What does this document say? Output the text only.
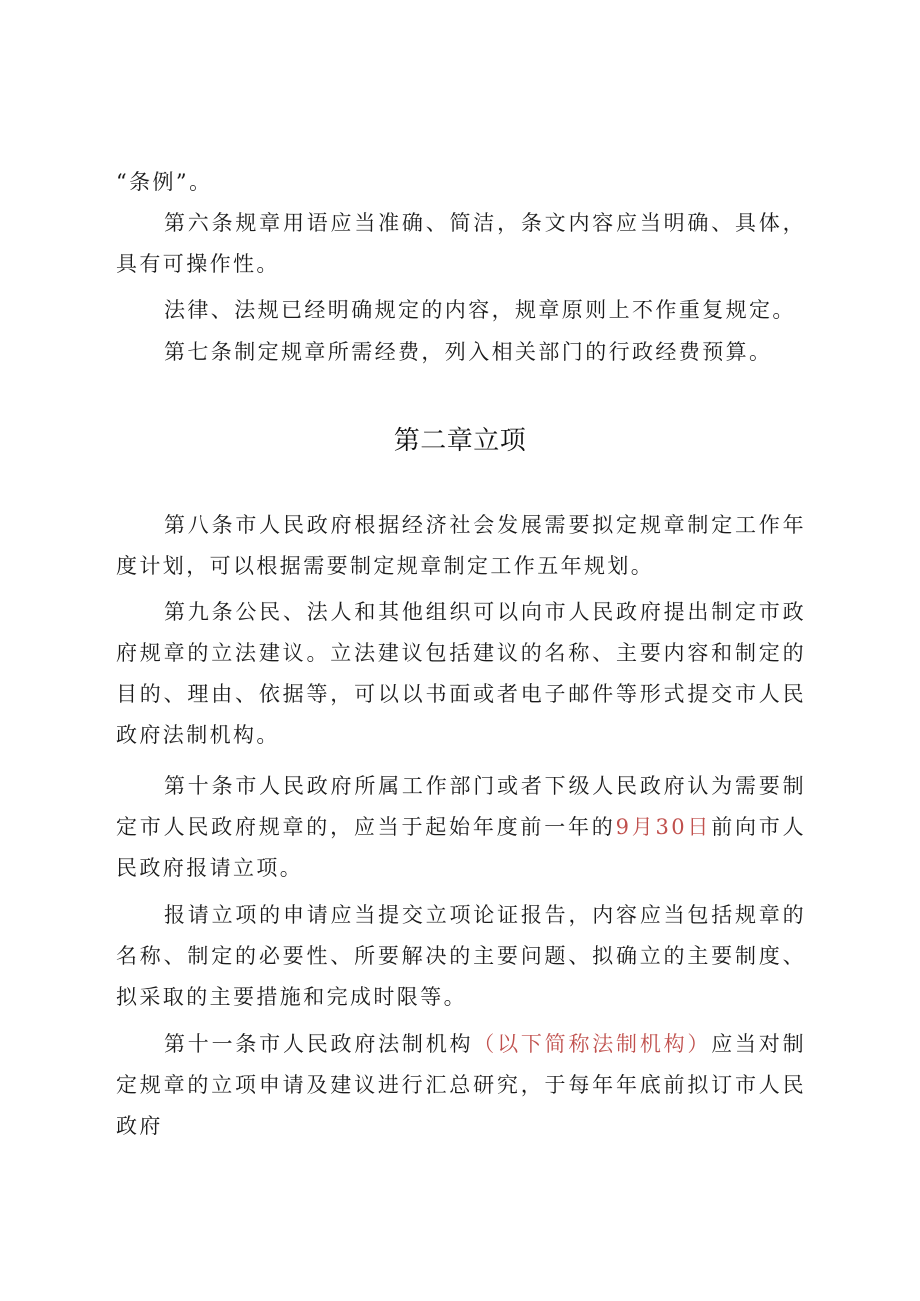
“条例”。

第六条规章用语应当准确、简洁，条文内容应当明确、具体，具有可操作性。

法律、法规已经明确规定的内容，规章原则上不作重复规定。

第七条制定规章所需经费，列入相关部门的行政经费预算。

第二章立项

第八条市人民政府根据经济社会发展需要拟定规章制定工作年度计划，可以根据需要制定规章制定工作五年规划。

第九条公民、法人和其他组织可以向市人民政府提出制定市政府规章的立法建议。立法建议包括建议的名称、主要内容和制定的目的、理由、依据等，可以以书面或者电子邮件等形式提交市人民政府法制机构。

第十条市人民政府所属工作部门或者下级人民政府认为需要制定市人民政府规章的，应当于起始年度前一年的9月30日前向市人民政府报请立项。

报请立项的申请应当提交立项论证报告，内容应当包括规章的名称、制定的必要性、所要解决的主要问题、拟确立的主要制度、拟采取的主要措施和完成时限等。

第十一条市人民政府法制机构（以下简称法制机构）应当对制定规章的立项申请及建议进行汇总研究，于每年年底前拟订市人民政府
